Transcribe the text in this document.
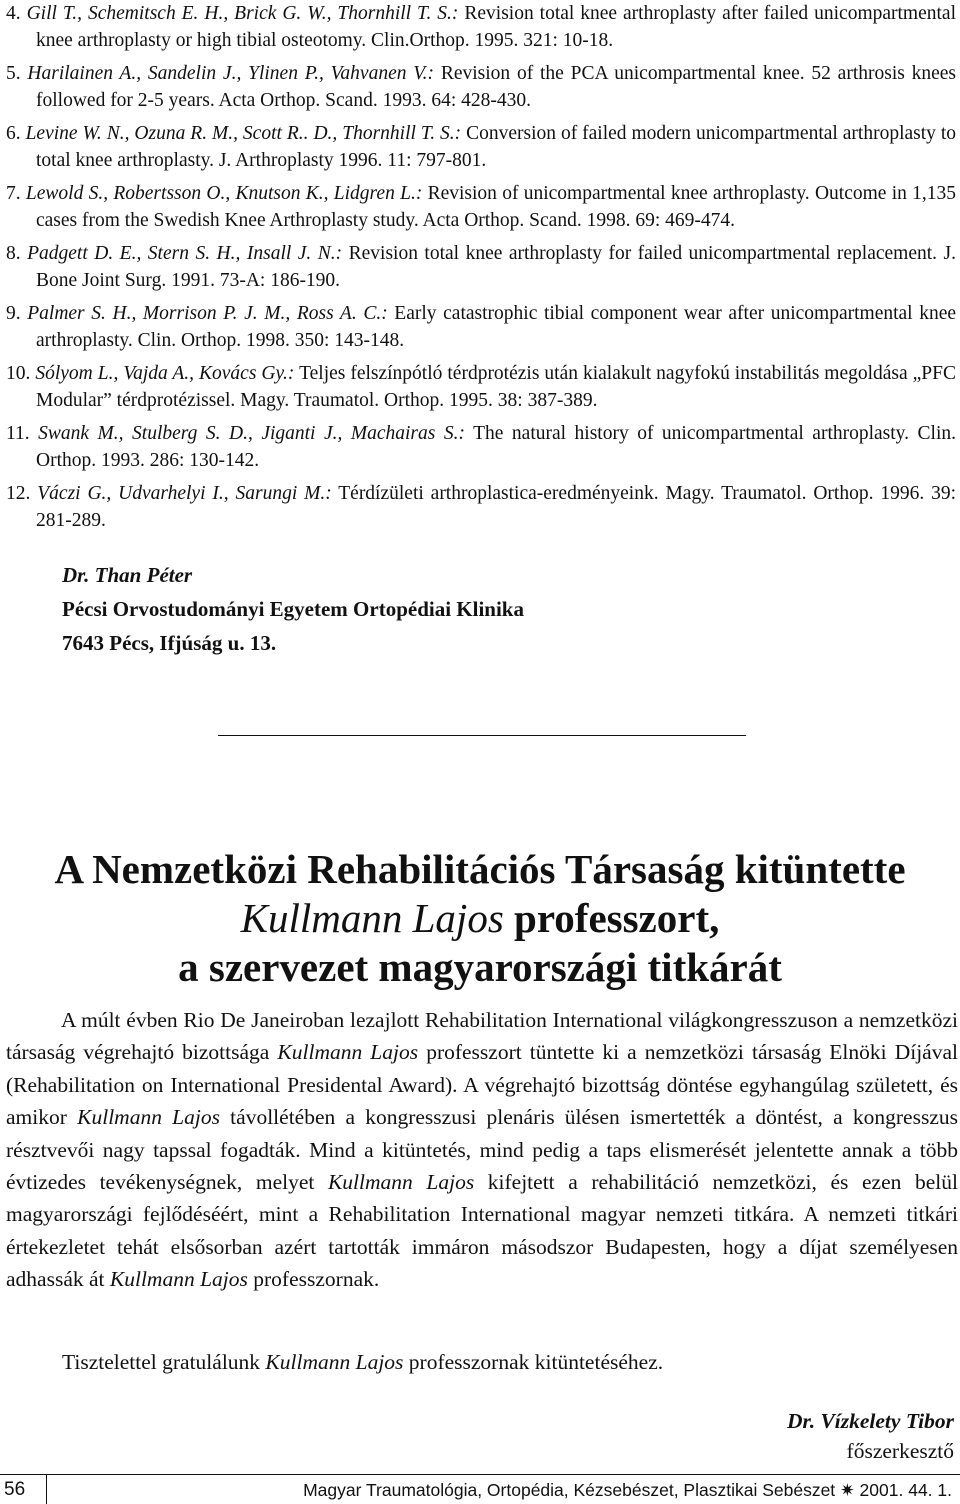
4. Gill T., Schemitsch E. H., Brick G. W., Thornhill T. S.: Revision total knee arthroplasty after failed unicompartmental knee arthroplasty or high tibial osteotomy. Clin.Orthop. 1995. 321: 10-18.
5. Harilainen A., Sandelin J., Ylinen P., Vahvanen V.: Revision of the PCA unicompartmental knee. 52 arthrosis knees followed for 2-5 years. Acta Orthop. Scand. 1993. 64: 428-430.
6. Levine W. N., Ozuna R. M., Scott R.. D., Thornhill T. S.: Conversion of failed modern unicompartmental arthroplasty to total knee arthroplasty. J. Arthroplasty 1996. 11: 797-801.
7. Lewold S., Robertsson O., Knutson K., Lidgren L.: Revision of unicompartmental knee arthroplasty. Outcome in 1,135 cases from the Swedish Knee Arthroplasty study. Acta Orthop. Scand. 1998. 69: 469-474.
8. Padgett D. E., Stern S. H., Insall J. N.: Revision total knee arthroplasty for failed unicompartmental replacement. J. Bone Joint Surg. 1991. 73-A: 186-190.
9. Palmer S. H., Morrison P. J. M., Ross A. C.: Early catastrophic tibial component wear after unicompartmental knee arthroplasty. Clin. Orthop. 1998. 350: 143-148.
10. Sólyom L., Vajda A., Kovács Gy.: Teljes felszínpótló térdprotézis után kialakult nagyfokú instabilitás megoldása „PFC Modular” térdprotézissel. Magy. Traumatol. Orthop. 1995. 38: 387-389.
11. Swank M., Stulberg S. D., Jiganti J., Machairas S.: The natural history of unicompartmental arthroplasty. Clin. Orthop. 1993. 286: 130-142.
12. Váczi G., Udvarhelyi I., Sarungi M.: Térdízületi arthroplastica-eredményeink. Magy. Traumatol. Orthop. 1996. 39: 281-289.
Dr. Than Péter
Pécsi Orvostudományi Egyetem Ortopédiai Klinika
7643 Pécs, Ifjúság u. 13.
A Nemzetközi Rehabilitációs Társaság kitüntette
Kullmann Lajos professzort,
a szervezet magyarországi titkárát

A múlt évben Rio De Janeiroban lezajlott Rehabilitation International világkongresszuson a nemzetközi társaság végrehajtó bizottsága Kullmann Lajos professzort tüntette ki a nemzetközi társaság Elnöki Díjával (Rehabilitation on International Presidental Award). A végrehajtó bizottság döntése egyhangúlag született, és amikor Kullmann Lajos távollétében a kongresszusi plenáris ülésen ismertették a döntést, a kongresszus résztvevői nagy tapssal fogadták. Mind a kitüntetés, mind pedig a taps elismerését jelentette annak a több évtizedes tevékenységnek, melyet Kullmann Lajos kifejtett a rehabilitáció nemzetközi, és ezen belül magyarországi fejlődéséért, mint a Rehabilitation International magyar nemzeti titkára. A nemzeti titkári értekezletet tehát elsősorban azért tartották immáron másodszor Budapesten, hogy a díjat személyesen adhassák át Kullmann Lajos professzornak.

Tisztelettel gratulálunk Kullmann Lajos professzornak kitüntetéséhez.
Dr. Vízkelety Tibor
főszerkesztő
56	Magyar Traumatológia, Ortopédia, Kézsebészet, Plasztikai Sebészet ✷ 2001. 44. 1.
